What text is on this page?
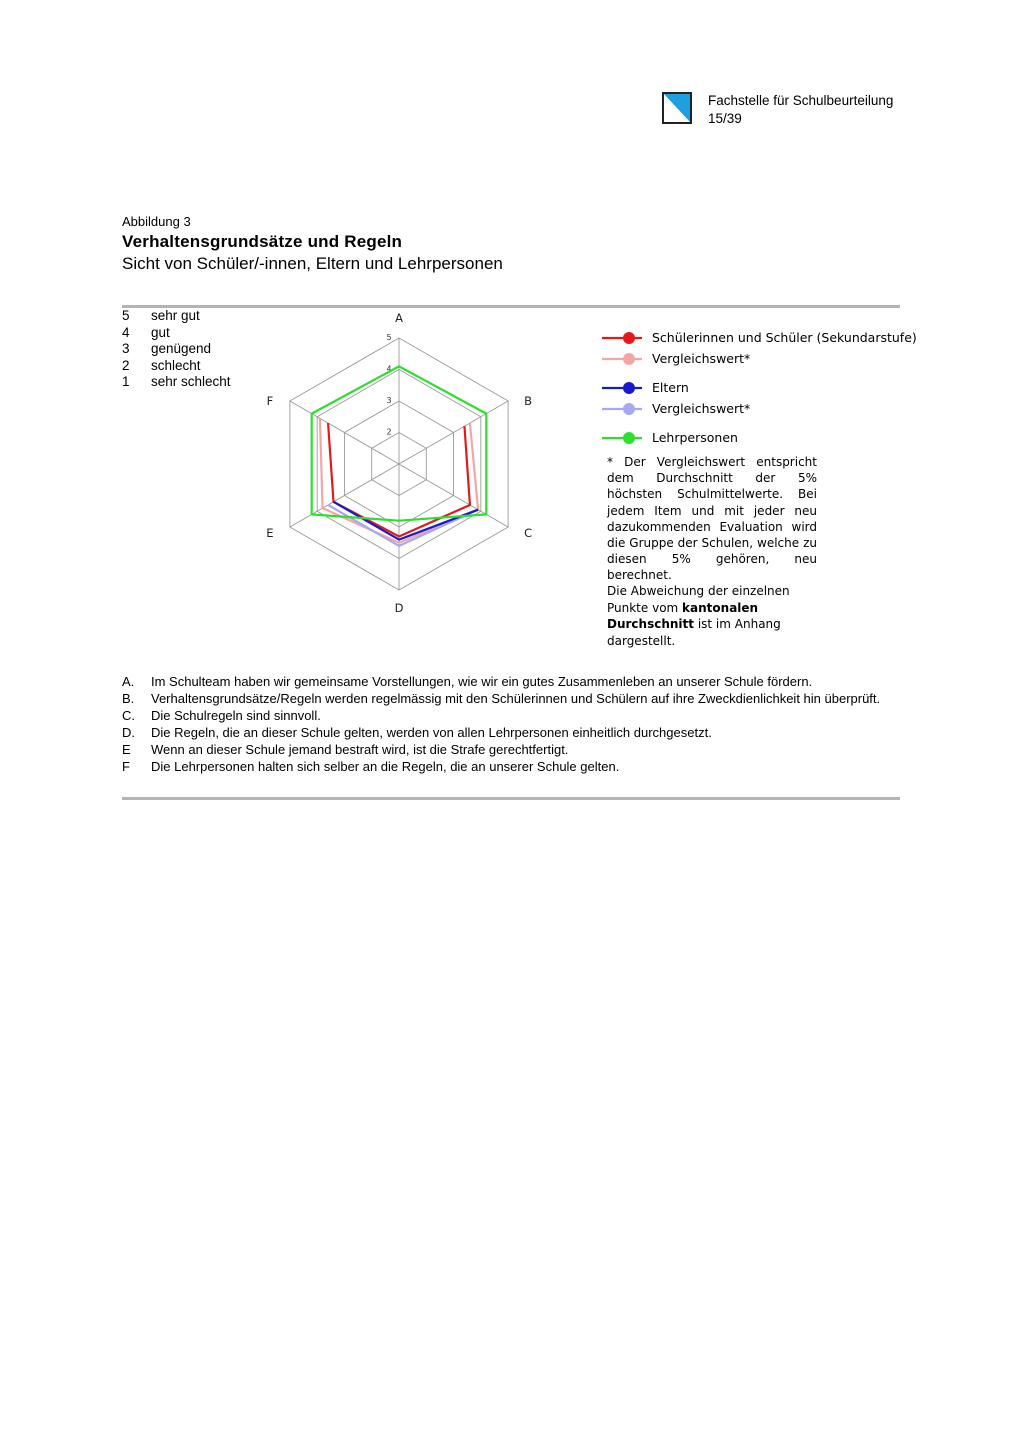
Fachstelle für Schulbeurteilung
15/39
Abbildung 3
Verhaltensgrundsätze und Regeln
Sicht von Schüler/-innen, Eltern und Lehrpersonen
5	sehr gut
4	gut
3	genügend
2	schlecht
1	sehr schlecht
2
3
4
5
A
B
C
D
E
F
Schülerinnen und Schüler (Sekundarstufe)
Vergleichswert*
Eltern
Vergleichswert*
Lehrpersonen
* Der Vergleichswert entspricht dem Durchschnitt der 5% höchsten Schulmittelwerte. Bei jedem Item und mit jeder neu dazukommenden Evaluation wird die Gruppe der Schulen, welche zu diesen 5% gehören, neu berechnet.
Die Abweichung der einzelnen Punkte vom kantonalen Durchschnitt ist im Anhang dargestellt.
A.	Im Schulteam haben wir gemeinsame Vorstellungen, wie wir ein gutes Zusammenleben an unserer Schule fördern.
B.	Verhaltensgrundsätze/Regeln werden regelmässig mit den Schülerinnen und Schülern auf ihre Zweckdienlichkeit hin überprüft.
C.	Die Schulregeln sind sinnvoll.
D.	Die Regeln, die an dieser Schule gelten, werden von allen Lehrpersonen einheitlich durchgesetzt.
E	Wenn an dieser Schule jemand bestraft wird, ist die Strafe gerechtfertigt.
F	Die Lehrpersonen halten sich selber an die Regeln, die an unserer Schule gelten.
